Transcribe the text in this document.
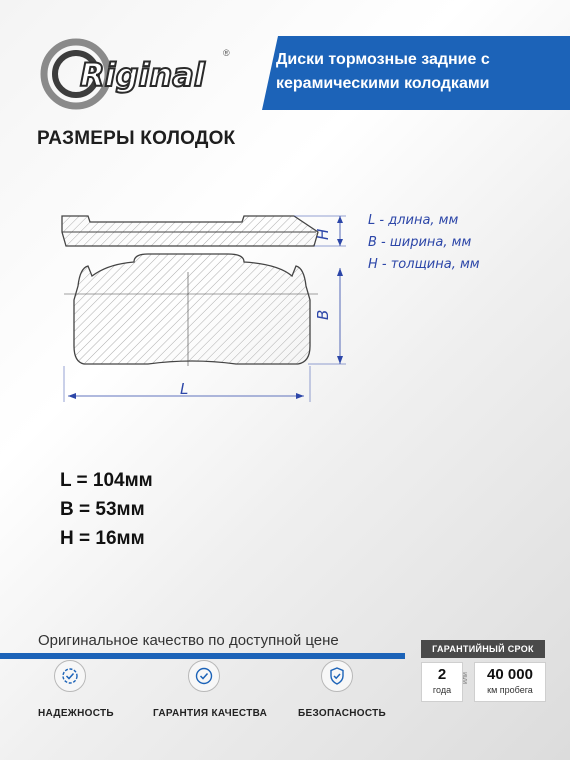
Riginal
®	Диски тормозные задние с керамическими колодками
РАЗМЕРЫ КОЛОДОК
L
B
H
L - длина, мм
B - ширина, мм
H - толщина, мм
L = 104мм
B = 53мм
H = 16мм
Оригинальное качество по доступной цене
НАДЕЖНОСТЬ	ГАРАНТИЯ КАЧЕСТВА	БЕЗОПАСНОСТЬ
ГАРАНТИЙНЫЙ СРОК
2
года
или	40 000
км пробега
